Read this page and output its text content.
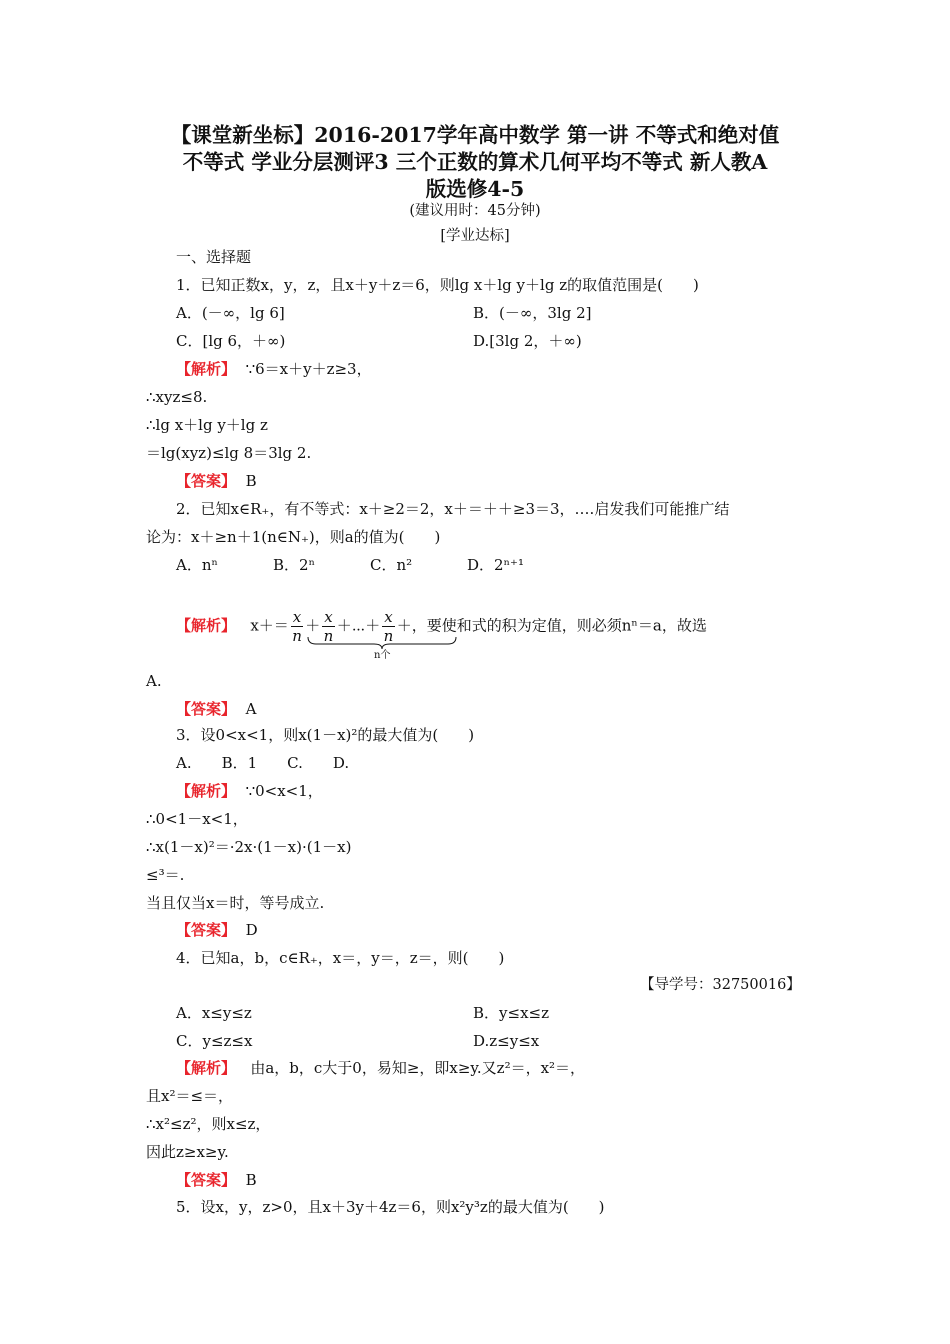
【课堂新坐标】2016-2017学年高中数学 第一讲 不等式和绝对值
不等式 学业分层测评3 三个正数的算术几何平均不等式 新人教A
版选修4-5
(建议用时：45分钟)
[学业达标]
一、选择题
1．已知正数x，y，z，且x＋y＋z＝6，则lg x＋lg y＋lg z的取值范围是(　　)
A．(－∞，lg 6]	B．(－∞，3lg 2]
C．[lg 6，＋∞)	D.[3lg 2，＋∞)
【解析】 ∵6＝x＋y＋z≥3，
∴xyz≤8.
∴lg x＋lg y＋lg z
＝lg(xyz)≤lg 8＝3lg 2.
【答案】 B
2．已知x∈R₊，有不等式：x＋≥2＝2，x＋＝＋＋≥3＝3，….启发我们可能推广结
论为：x＋≥n＋1(n∈N₊)，则a的值为(　　)
A．nⁿ	B．2ⁿ	C．n²	D．2ⁿ⁺¹
【解析】 $x+= \frac{x}{n} + \frac{x}{n}$ ＋⋯＋ $\frac{x}{n}$ ＋，要使和式的积为定值，则必须nⁿ＝a，故选
n个
A.
【答案】 A
3．设0<x<1，则x(1－x)²的最大值为(　　)
A.　　B．1　　C.　　D.
【解析】 ∵0<x<1，
∴0<1－x<1，
∴x(1－x)²＝·2x·(1－x)·(1－x)
≤³＝.
当且仅当x＝时，等号成立.
【答案】 D
4．已知a，b，c∈R₊，x＝，y＝，z＝，则(　　)
【导学号：32750016】
A．x≤y≤z	B．y≤x≤z
C．y≤z≤x	D.z≤y≤x
【解析】 由a，b，c大于0，易知≥，即x≥y.又z²＝，x²＝，
且x²＝≤＝，
∴x²≤z²，则x≤z，
因此z≥x≥y.
【答案】 B
5．设x，y，z>0，且x＋3y＋4z＝6，则x²y³z的最大值为(　　)
